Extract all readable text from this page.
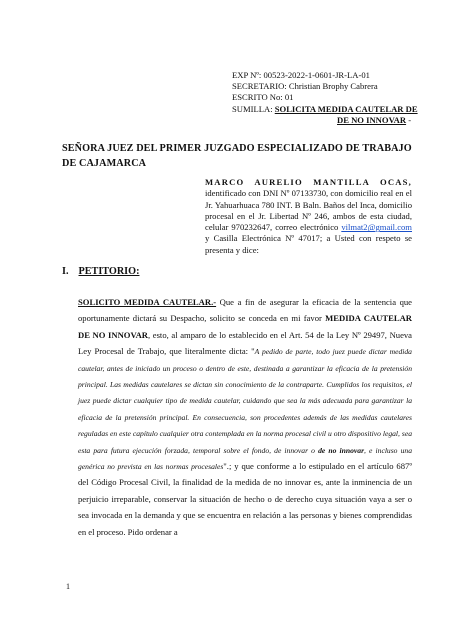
EXP Nº: 00523-2022-1-0601-JR-LA-01
SECRETARIO: Christian Brophy Cabrera
ESCRITO No: 01
SUMILLA: SOLICITA MEDIDA CAUTELAR DE
DE NO INNOVAR -
SEÑORA JUEZ DEL PRIMER JUZGADO ESPECIALIZADO DE TRABAJO DE CAJAMARCA
MARCO AURELIO MANTILLA OCAS, identificado con DNI Nº 07133730, con domicilio real en el Jr. Yahuarhuaca 780 INT. B Baln. Baños del Inca, domicilio procesal en el Jr. Libertad Nº 246, ambos de esta ciudad, celular 970232647, correo electrónico vilmat2@gmail.com y Casilla Electrónica Nº 47017; a Usted con respeto se presenta y dice:
I. PETITORIO:
SOLICITO MEDIDA CAUTELAR.- Que a fin de asegurar la eficacia de la sentencia que oportunamente dictará su Despacho, solicito se conceda en mi favor MEDIDA CAUTELAR DE NO INNOVAR, esto, al amparo de lo establecido en el Art. 54 de la Ley Nº 29497, Nueva Ley Procesal de Trabajo, que literalmente dicta: "A pedido de parte, todo juez puede dictar medida cautelar, antes de iniciado un proceso o dentro de este, destinada a garantizar la eficacia de la pretensión principal. Las medidas cautelares se dictan sin conocimiento de la contraparte. Cumplidos los requisitos, el juez puede dictar cualquier tipo de medida cautelar, cuidando que sea la más adecuada para garantizar la eficacia de la pretensión principal. En consecuencia, son procedentes además de las medidas cautelares reguladas en este capítulo cualquier otra contemplada en la norma procesal civil u otro dispositivo legal, sea esta para futura ejecución forzada, temporal sobre el fondo, de innovar o de no innovar, e incluso una genérica no prevista en las normas procesales".; y que conforme a lo estipulado en el artículo 687º del Código Procesal Civil, la finalidad de la medida de no innovar es, ante la inminencia de un perjuicio irreparable, conservar la situación de hecho o de derecho cuya situación vaya a ser o sea invocada en la demanda y que se encuentra en relación a las personas y bienes comprendidas en el proceso. Pido ordenar a
1
